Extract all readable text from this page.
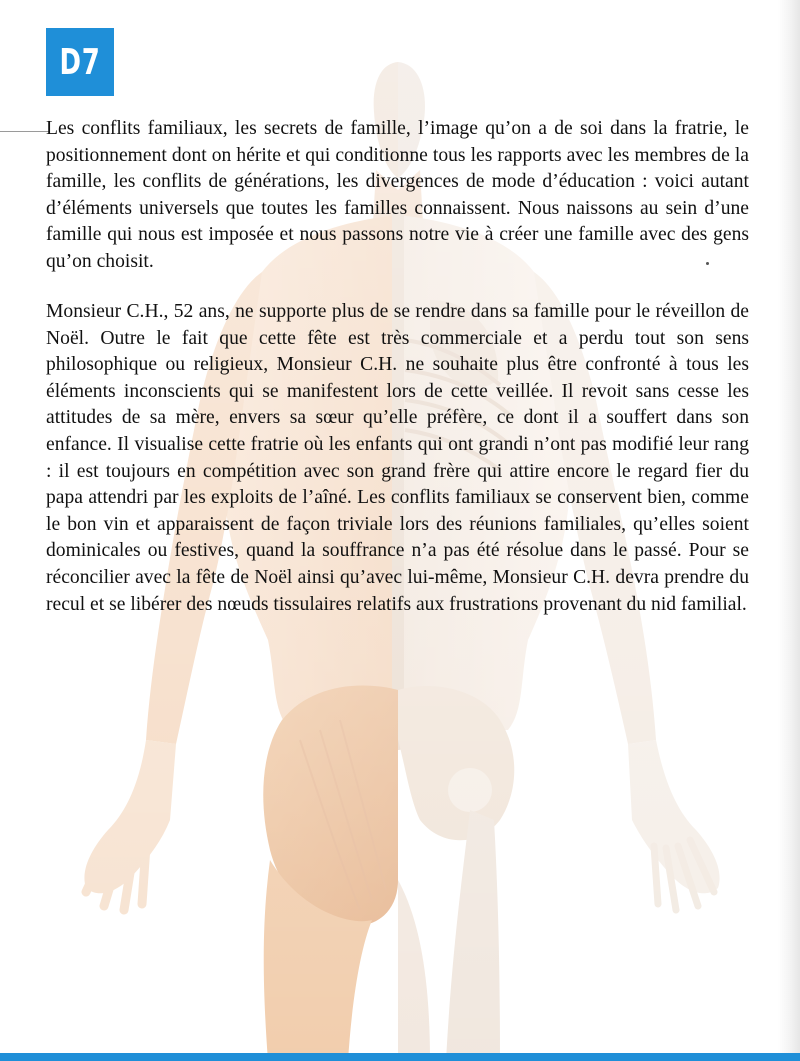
D7
Les conflits familiaux, les secrets de famille, l’image qu’on a de soi dans la fratrie, le positionnement dont on hérite et qui conditionne tous les rapports avec les membres de la famille, les conflits de générations, les divergences de mode d’éducation : voici autant d’éléments universels que toutes les familles connaissent. Nous naissons au sein d’une famille qui nous est imposée et nous passons notre vie à créer une famille avec des gens qu’on choisit.
Monsieur C.H., 52 ans, ne supporte plus de se rendre dans sa famille pour le réveillon de Noël. Outre le fait que cette fête est très commerciale et a perdu tout son sens philosophique ou religieux, Monsieur C.H. ne souhaite plus être confronté à tous les éléments inconscients qui se manifestent lors de cette veillée. Il revoit sans cesse les attitudes de sa mère, envers sa sœur qu’elle préfère, ce dont il a souffert dans son enfance. Il visualise cette fratrie où les enfants qui ont grandi n’ont pas modifié leur rang : il est toujours en compétition avec son grand frère qui attire encore le regard fier du papa attendri par les exploits de l’aîné. Les conflits familiaux se conservent bien, comme le bon vin et apparaissent de façon triviale lors des réunions familiales, qu’elles soient dominicales ou festives, quand la souffrance n’a pas été résolue dans le passé. Pour se réconcilier avec la fête de Noël ainsi qu’avec lui-même, Monsieur C.H. devra prendre du recul et se libérer des nœuds tissulaires relatifs aux frustrations provenant du nid familial.
